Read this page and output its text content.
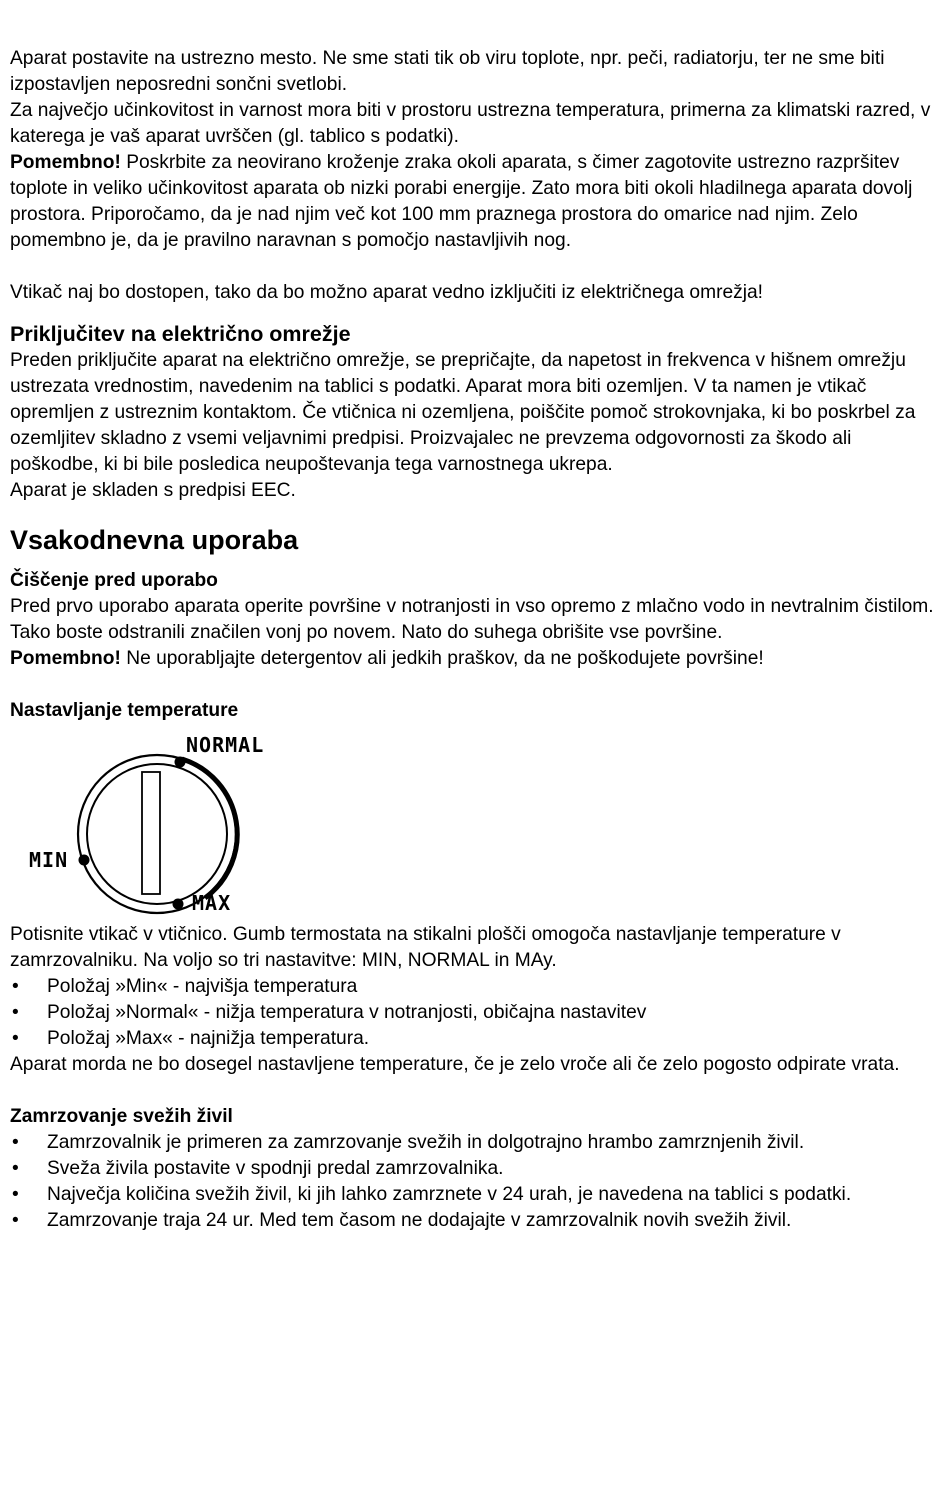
Aparat postavite na ustrezno mesto. Ne sme stati tik ob viru toplote, npr. peči, radiatorju, ter ne sme biti izpostavljen neposredni sončni svetlobi.

Za največjo učinkovitost in varnost mora biti v prostoru ustrezna temperatura, primerna za klimatski razred, v katerega je vaš aparat uvrščen (gl. tablico s podatki).

Pomembno! Poskrbite za neovirano kroženje zraka okoli aparata, s čimer zagotovite ustrezno razpršitev toplote in veliko učinkovitost aparata ob nizki porabi energije. Zato mora biti okoli hladilnega aparata dovolj prostora. Priporočamo, da je nad njim več kot 100 mm praznega prostora do omarice nad njim. Zelo pomembno je, da je pravilno naravnan s pomočjo nastavljivih nog.

Vtikač naj bo dostopen, tako da bo možno aparat vedno izključiti iz električnega omrežja!

Priključitev na električno omrežje

Preden priključite aparat na električno omrežje, se prepričajte, da napetost in frekvenca v hišnem omrežju ustrezata vrednostim, navedenim na tablici s podatki. Aparat mora biti ozemljen. V ta namen je vtikač opremljen z ustreznim kontaktom. Če vtičnica ni ozemljena, poiščite pomoč strokovnjaka, ki bo poskrbel za ozemljitev skladno z vsemi veljavnimi predpisi. Proizvajalec ne prevzema odgovornosti za škodo ali poškodbe, ki bi bile posledica neupoštevanja tega varnostnega ukrepa.

Aparat je skladen s predpisi EEC.

Vsakodnevna uporaba
Čiščenje pred uporabo

Pred prvo uporabo aparata operite površine v notranjosti in vso opremo z mlačno vodo in nevtralnim čistilom. Tako boste odstranili značilen vonj po novem. Nato do suhega obrišite vse površine.

Pomembno! Ne uporabljajte detergentov ali jedkih praškov, da ne poškodujete površine!

Nastavljanje temperature
NORMAL
MIN
MAX

Potisnite vtikač v vtičnico. Gumb termostata na stikalni plošči omogoča nastavljanje temperature v zamrzovalniku. Na voljo so tri nastavitve: MIN, NORMAL in MAy.

• Položaj »Min« - najvišja temperatura
• Položaj »Normal« - nižja temperatura v notranjosti, običajna nastavitev
• Položaj »Max« - najnižja temperatura.

Aparat morda ne bo dosegel nastavljene temperature, če je zelo vroče ali če zelo pogosto odpirate vrata.

Zamrzovanje svežih živil
• Zamrzovalnik je primeren za zamrzovanje svežih in dolgotrajno hrambo zamrznjenih živil.
• Sveža živila postavite v spodnji predal zamrzovalnika.
• Največja količina svežih živil, ki jih lahko zamrznete v 24 urah, je navedena na tablici s podatki.
• Zamrzovanje traja 24 ur. Med tem časom ne dodajajte v zamrzovalnik novih svežih živil.
